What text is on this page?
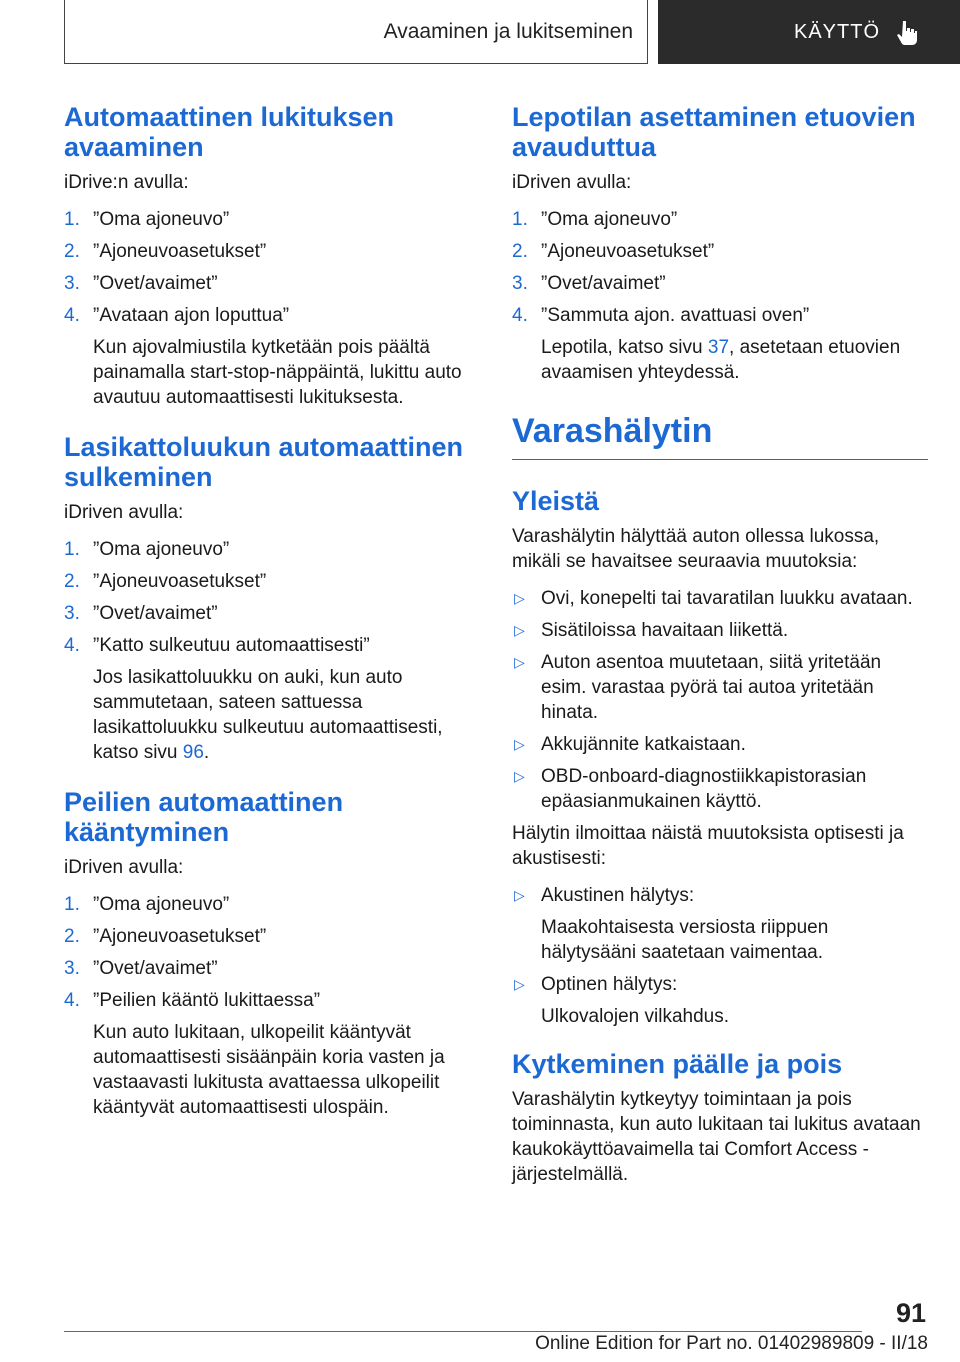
Avaaminen ja lukitseminen	KÄYTTÖ
Automaattinen lukituksen
avaaminen

iDrive:n avulla:

1. ”Oma ajoneuvo”
2. ”Ajoneuvoasetukset”
3. ”Ovet/avaimet”
4. ”Avataan ajon loputtua”

Kun ajovalmiustila kytketään pois päältä painamalla start-stop-näppäintä, lukittu auto avautuu automaattisesti lukituksesta.

Lasikattoluukun automaattinen
sulkeminen

iDriven avulla:

1. ”Oma ajoneuvo”
2. ”Ajoneuvoasetukset”
3. ”Ovet/avaimet”
4. ”Katto sulkeutuu automaattisesti”

Jos lasikattoluukku on auki, kun auto sammutetaan, sateen sattuessa lasikattoluukku sulkeutuu automaattisesti, katso sivu 96.

Peilien automaattinen
kääntyminen

iDriven avulla:

1. ”Oma ajoneuvo”
2. ”Ajoneuvoasetukset”
3. ”Ovet/avaimet”
4. ”Peilien kääntö lukittaessa”

Kun auto lukitaan, ulkopeilit kääntyvät automaattisesti sisäänpäin koria vasten ja vastaavasti lukitusta avattaessa ulkopeilit kääntyvät automaattisesti ulospäin.

Lepotilan asettaminen etuovien
avauduttua

iDriven avulla:

1. ”Oma ajoneuvo”
2. ”Ajoneuvoasetukset”
3. ”Ovet/avaimet”
4. ”Sammuta ajon. avattuasi oven”

Lepotila, katso sivu 37, asetetaan etuovien avaamisen yhteydessä.

Varashälytin
Yleistä

Varashälytin hälyttää auton ollessa lukossa, mikäli se havaitsee seuraavia muutoksia:

▷ Ovi, konepelti tai tavaratilan luukku avataan.
▷ Sisätiloissa havaitaan liikettä.
▷ Auton asentoa muutetaan, siitä yritetään esim. varastaa pyörä tai autoa yritetään hinata.
▷ Akkujännite katkaistaan.
▷ OBD-onboard-diagnostiikkapistorasian epäasianmukainen käyttö.

Hälytin ilmoittaa näistä muutoksista optisesti ja akustisesti:

▷ Akustinen hälytys:

Maakohtaisesta versiosta riippuen hälytysääni saatetaan vaimentaa.

▷ Optinen hälytys:

Ulkovalojen vilkahdus.

Kytkeminen päälle ja pois

Varashälytin kytkeytyy toimintaan ja pois toiminnasta, kun auto lukitaan tai lukitus avataan kaukokäyttöavaimella tai Comfort Access -järjestelmällä.

91
Online Edition for Part no. 01402989809 - II/18
